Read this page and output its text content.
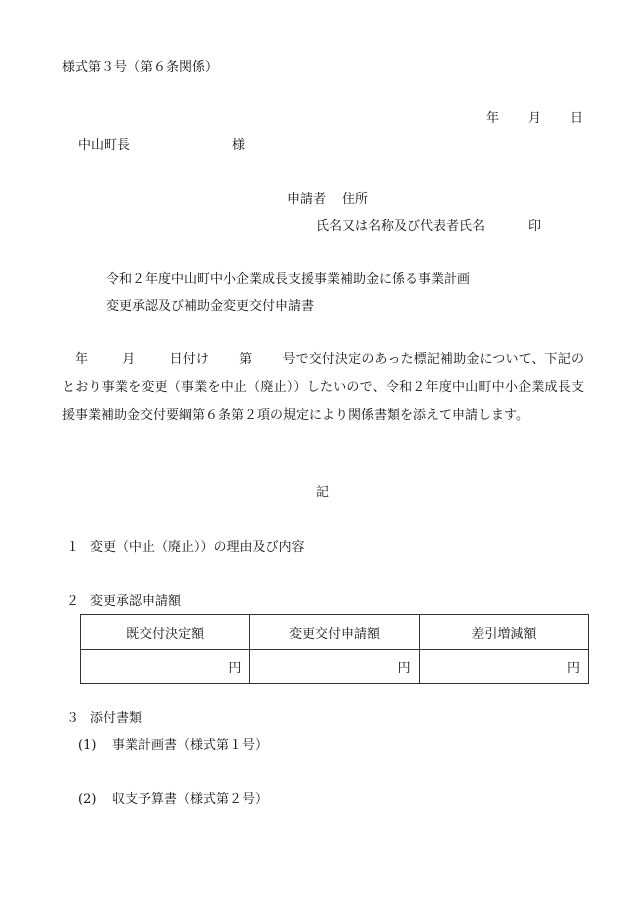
様式第３号（第６条関係）
年 月 日
中山町長	様
申請者 住所
氏名又は名称及び代表者氏名	印
令和２年度中山町中小企業成長支援事業補助金に係る事業計画
変更承認及び補助金変更交付申請書
年	月	日付け 第 号で交付決定のあった標記補助金について、下記のとおり事業を変更（事業を中止（廃止））したいので、令和２年度中山町中小企業成長支援事業補助金交付要綱第６条第２項の規定により関係書類を添えて申請します。
記
１ 変更（中止（廃止））の理由及び内容
２ 変更承認申請額
既交付決定額	変更交付申請額	差引増減額
円	円	円
３ 添付書類
(1) 事業計画書（様式第１号）
(2) 収支予算書（様式第２号）
